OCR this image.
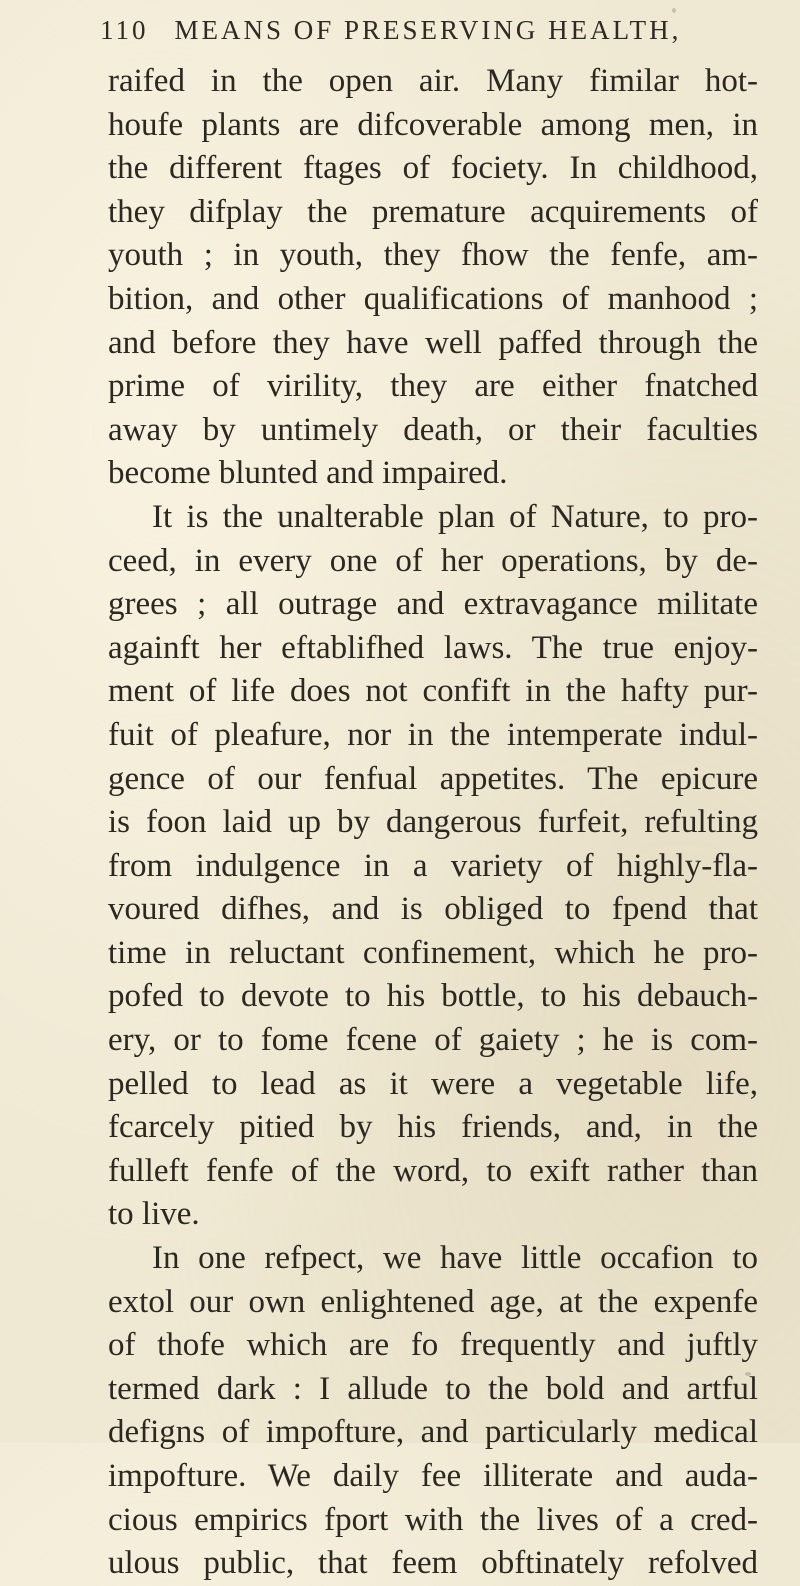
110 MEANS OF PRESERVING HEALTH,
raifed in the open air. Many fimilar hot-
houfe plants are difcoverable among men, in
the different ftages of fociety. In childhood,
they difplay the premature acquirements of
youth ; in youth, they fhow the fenfe, am-
bition, and other qualifications of manhood ;
and before they have well paffed through the
prime of virility, they are either fnatched
away by untimely death, or their faculties
become blunted and impaired.
It is the unalterable plan of Nature, to pro-
ceed, in every one of her operations, by de-
grees ; all outrage and extravagance militate
againft her eftablifhed laws. The true enjoy-
ment of life does not confift in the hafty pur-
fuit of pleafure, nor in the intemperate indul-
gence of our fenfual appetites. The epicure
is foon laid up by dangerous furfeit, refulting
from indulgence in a variety of highly-fla-
voured difhes, and is obliged to fpend that
time in reluctant confinement, which he pro-
pofed to devote to his bottle, to his debauch-
ery, or to fome fcene of gaiety ; he is com-
pelled to lead as it were a vegetable life,
fcarcely pitied by his friends, and, in the
fulleft fenfe of the word, to exift rather than
to live.
In one refpect, we have little occafion to
extol our own enlightened age, at the expenfe
of thofe which are fo frequently and juftly
termed dark : I allude to the bold and artful
defigns of impofture, and particularly medical
impofture. We daily fee illiterate and auda-
cious empirics fport with the lives of a cred-
ulous public, that feem obftinately refolved
